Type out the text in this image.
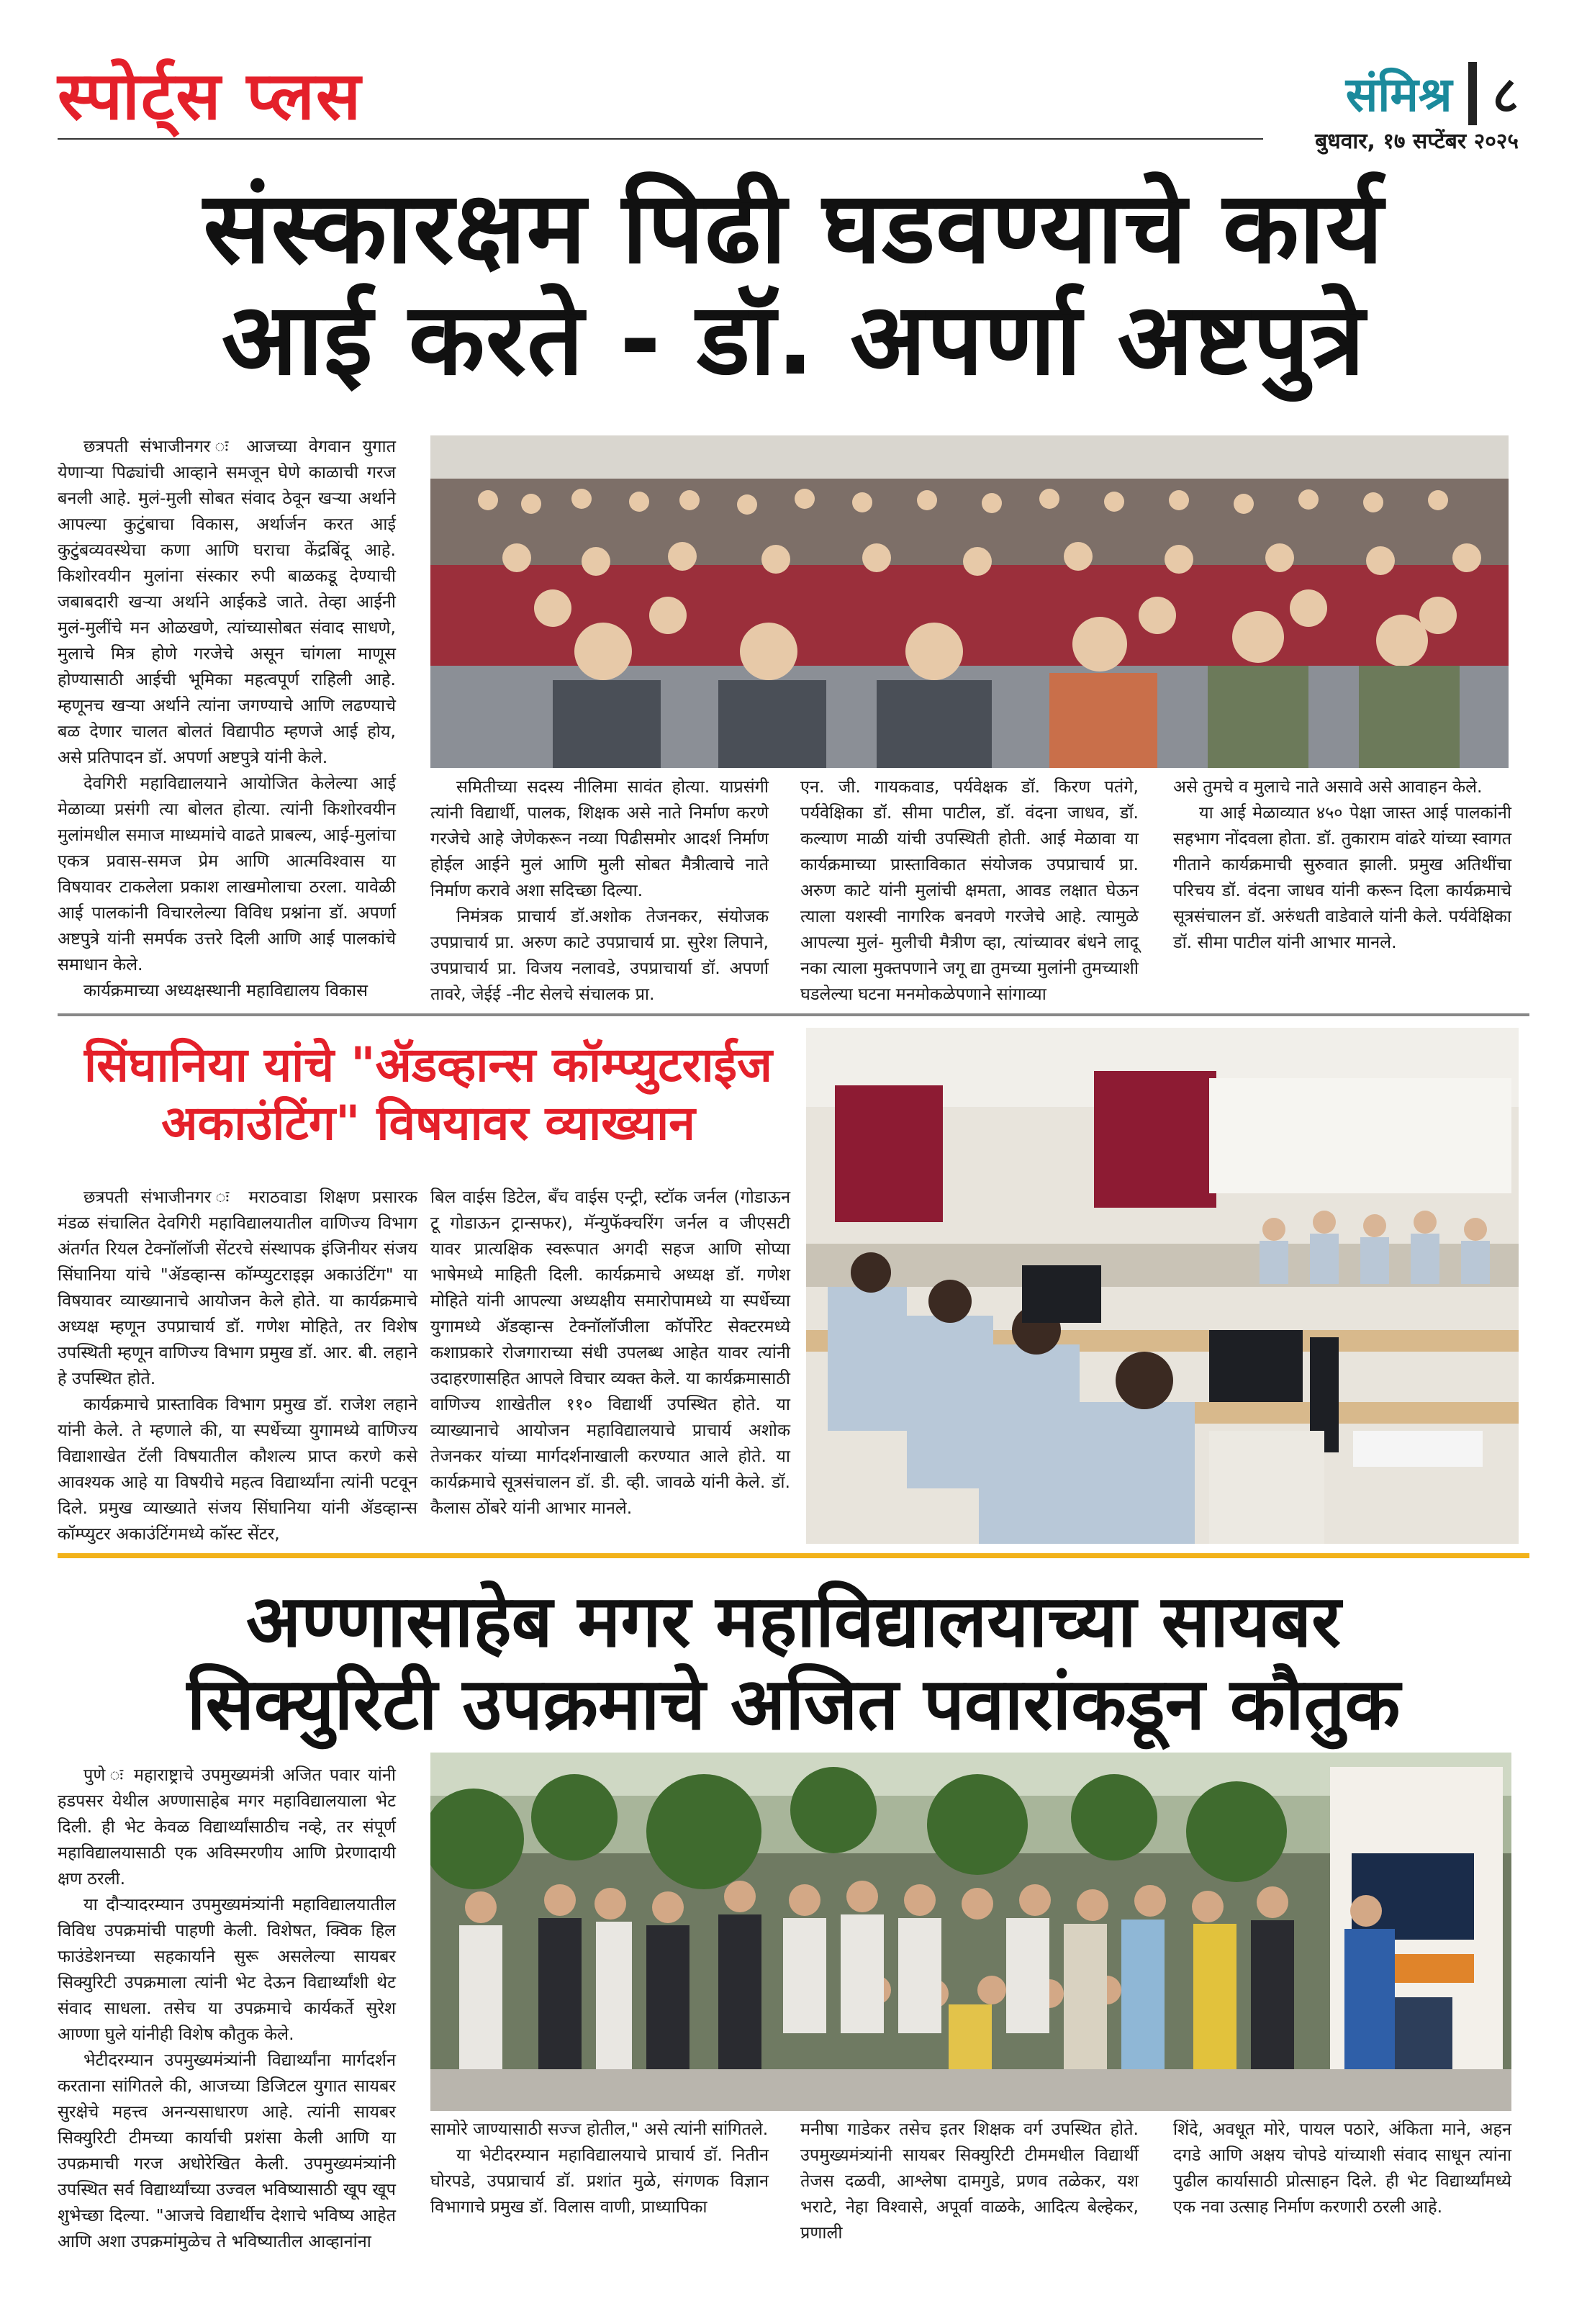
स्पोर्ट्स प्लस	संमिश्र ८
बुधवार, १७ सप्टेंबर २०२५
संस्कारक्षम पिढी घडवण्याचे कार्य
आई करते - डॉ. अपर्णा अष्टपुत्रे

छत्रपती संभाजीनगर ः आजच्या वेगवान युगात येणाऱ्या पिढ्यांची आव्हाने समजून घेणे काळाची गरज बनली आहे. मुलं-मुली सोबत संवाद ठेवून खऱ्या अर्थाने आपल्या कुटुंबाचा विकास, अर्थार्जन करत आई कुटुंबव्यवस्थेचा कणा आणि घराचा केंद्रबिंदू आहे. किशोरवयीन मुलांना संस्कार रुपी बाळकडू देण्याची जबाबदारी खऱ्या अर्थाने आईकडे जाते. तेव्हा आईनी मुलं-मुलींचे मन ओळखणे, त्यांच्यासोबत संवाद साधणे, मुलाचे मित्र होणे गरजेचे असून चांगला माणूस होण्यासाठी आईची भूमिका महत्वपूर्ण राहिली आहे. म्हणूनच खऱ्या अर्थाने त्यांना जगण्याचे आणि लढण्याचे बळ देणार चालत बोलतं विद्यापीठ म्हणजे आई होय, असे प्रतिपादन डॉ. अपर्णा अष्टपुत्रे यांनी केले.

देवगिरी महाविद्यालयाने आयोजित केलेल्या आई मेळाव्या प्रसंगी त्या बोलत होत्या. त्यांनी किशोरवयीन मुलांमधील समाज माध्यमांचे वाढते प्राबल्य, आई-मुलांचा एकत्र प्रवास-समज प्रेम आणि आत्मविश्वास या विषयावर टाकलेला प्रकाश लाखमोलाचा ठरला. यावेळी आई पालकांनी विचारलेल्या विविध प्रश्नांना डॉ. अपर्णा अष्टपुत्रे यांनी समर्पक उत्तरे दिली आणि आई पालकांचे समाधान केले.

कार्यक्रमाच्या अध्यक्षस्थानी महाविद्यालय विकास

समितीच्या सदस्य नीलिमा सावंत होत्या. याप्रसंगी त्यांनी विद्यार्थी, पालक, शिक्षक असे नाते निर्माण करणे गरजेचे आहे जेणेकरून नव्या पिढीसमोर आदर्श निर्माण होईल आईने मुलं आणि मुली सोबत मैत्रीत्वाचे नाते निर्माण करावे अशा सदिच्छा दिल्या.

निमंत्रक प्राचार्य डॉ.अशोक तेजनकर, संयोजक उपप्राचार्य प्रा. अरुण काटे उपप्राचार्य प्रा. सुरेश लिपाने, उपप्राचार्य प्रा. विजय नलावडे, उपप्राचार्या डॉ. अपर्णा तावरे, जेईई -नीट सेलचे संचालक प्रा.

एन. जी. गायकवाड, पर्यवेक्षक डॉ. किरण पतंगे, पर्यवेक्षिका डॉ. सीमा पाटील, डॉ. वंदना जाधव, डॉ. कल्याण माळी यांची उपस्थिती होती. आई मेळावा या कार्यक्रमाच्या प्रास्ताविकात संयोजक उपप्राचार्य प्रा. अरुण काटे यांनी मुलांची क्षमता, आवड लक्षात घेऊन त्याला यशस्वी नागरिक बनवणे गरजेचे आहे. त्यामुळे आपल्या मुलं- मुलीची मैत्रीण व्हा, त्यांच्यावर बंधने लादू नका त्याला मुक्तपणाने जगू द्या तुमच्या मुलांनी तुमच्याशी घडलेल्या घटना मनमोकळेपणाने सांगाव्या

असे तुमचे व मुलाचे नाते असावे असे आवाहन केले.

या आई मेळाव्यात ४५० पेक्षा जास्त आई पालकांनी सहभाग नोंदवला होता. डॉ. तुकाराम वांढरे यांच्या स्वागत गीताने कार्यक्रमाची सुरुवात झाली. प्रमुख अतिथींचा परिचय डॉ. वंदना जाधव यांनी करून दिला कार्यक्रमाचे सूत्रसंचालन डॉ. अरुंधती वाडेवाले यांनी केले. पर्यवेक्षिका डॉ. सीमा पाटील यांनी आभार मानले.

सिंघानिया यांचे "ॲडव्हान्स कॉम्प्युटराईज
अकाउंटिंग" विषयावर व्याख्यान

छत्रपती संभाजीनगर ः मराठवाडा शिक्षण प्रसारक मंडळ संचालित देवगिरी महाविद्यालयातील वाणिज्य विभाग अंतर्गत रियल टेक्नॉलॉजी सेंटरचे संस्थापक इंजिनीयर संजय सिंघानिया यांचे "ॲडव्हान्स कॉम्प्युटराइझ अकाउंटिंग" या विषयावर व्याख्यानाचे आयोजन केले होते. या कार्यक्रमाचे अध्यक्ष म्हणून उपप्राचार्य डॉ. गणेश मोहिते, तर विशेष उपस्थिती म्हणून वाणिज्य विभाग प्रमुख डॉ. आर. बी. लहाने हे उपस्थित होते.

कार्यक्रमाचे प्रास्ताविक विभाग प्रमुख डॉ. राजेश लहाने यांनी केले. ते म्हणाले की, या स्पर्धेच्या युगामध्ये वाणिज्य विद्याशाखेत टॅली विषयातील कौशल्य प्राप्त करणे कसे आवश्यक आहे या विषयीचे महत्व विद्यार्थ्यांना त्यांनी पटवून दिले. प्रमुख व्याख्याते संजय सिंघानिया यांनी ॲडव्हान्स कॉम्प्युटर अकाउंटिंगमध्ये कॉस्ट सेंटर,

बिल वाईस डिटेल, बँच वाईस एन्ट्री, स्टॉक जर्नल (गोडाऊन टू गोडाऊन ट्रान्सफर), मॅन्युफॅक्चरिंग जर्नल व जीएसटी यावर प्रात्यक्षिक स्वरूपात अगदी सहज आणि सोप्या भाषेमध्ये माहिती दिली. कार्यक्रमाचे अध्यक्ष डॉ. गणेश मोहिते यांनी आपल्या अध्यक्षीय समारोपामध्ये या स्पर्धेच्या युगामध्ये ॲडव्हान्स टेक्नॉलॉजीला कॉर्पोरेट सेक्टरमध्ये कशाप्रकारे रोजगाराच्या संधी उपलब्ध आहेत यावर त्यांनी उदाहरणासहित आपले विचार व्यक्त केले. या कार्यक्रमासाठी वाणिज्य शाखेतील ११० विद्यार्थी उपस्थित होते. या व्याख्यानाचे आयोजन महाविद्यालयाचे प्राचार्य अशोक तेजनकर यांच्या मार्गदर्शनाखाली करण्यात आले होते. या कार्यक्रमाचे सूत्रसंचालन डॉ. डी. व्ही. जावळे यांनी केले. डॉ. कैलास ठोंबरे यांनी आभार मानले.

अण्णासाहेब मगर महाविद्यालयाच्या सायबर
सिक्युरिटी उपक्रमाचे अजित पवारांकडून कौतुक

पुणे ः महाराष्ट्राचे उपमुख्यमंत्री अजित पवार यांनी हडपसर येथील अण्णासाहेब मगर महाविद्यालयाला भेट दिली. ही भेट केवळ विद्यार्थ्यांसाठीच नव्हे, तर संपूर्ण महाविद्यालयासाठी एक अविस्मरणीय आणि प्रेरणादायी क्षण ठरली.

या दौऱ्यादरम्यान उपमुख्यमंत्र्यांनी महाविद्यालयातील विविध उपक्रमांची पाहणी केली. विशेषत, क्विक हिल फाउंडेशनच्या सहकार्याने सुरू असलेल्या सायबर सिक्युरिटी उपक्रमाला त्यांनी भेट देऊन विद्यार्थ्यांशी थेट संवाद साधला. तसेच या उपक्रमाचे कार्यकर्ते सुरेश आण्णा घुले यांनीही विशेष कौतुक केले.

भेटीदरम्यान उपमुख्यमंत्र्यांनी विद्यार्थ्यांना मार्गदर्शन करताना सांगितले की, आजच्या डिजिटल युगात सायबर सुरक्षेचे महत्त्व अनन्यसाधारण आहे. त्यांनी सायबर सिक्युरिटी टीमच्या कार्याची प्रशंसा केली आणि या उपक्रमाची गरज अधोरेखित केली. उपमुख्यमंत्र्यांनी उपस्थित सर्व विद्यार्थ्यांच्या उज्वल भविष्यासाठी खूप खूप शुभेच्छा दिल्या. "आजचे विद्यार्थीच देशाचे भविष्य आहेत आणि अशा उपक्रमांमुळेच ते भविष्यातील आव्हानांना

सामोरे जाण्यासाठी सज्ज होतील," असे त्यांनी सांगितले.

या भेटीदरम्यान महाविद्यालयाचे प्राचार्य डॉ. नितीन घोरपडे, उपप्राचार्य डॉ. प्रशांत मुळे, संगणक विज्ञान विभागाचे प्रमुख डॉ. विलास वाणी, प्राध्यापिका

मनीषा गाडेकर तसेच इतर शिक्षक वर्ग उपस्थित होते. उपमुख्यमंत्र्यांनी सायबर सिक्युरिटी टीममधील विद्यार्थी तेजस दळवी, आश्लेषा दामगुडे, प्रणव तळेकर, यश भराटे, नेहा विश्वासे, अपूर्वा वाळके, आदित्य बेल्हेकर, प्रणाली

शिंदे, अवधूत मोरे, पायल पठारे, अंकिता माने, अहन दगडे आणि अक्षय चोपडे यांच्याशी संवाद साधून त्यांना पुढील कार्यासाठी प्रोत्साहन दिले. ही भेट विद्यार्थ्यांमध्ये एक नवा उत्साह निर्माण करणारी ठरली आहे.
